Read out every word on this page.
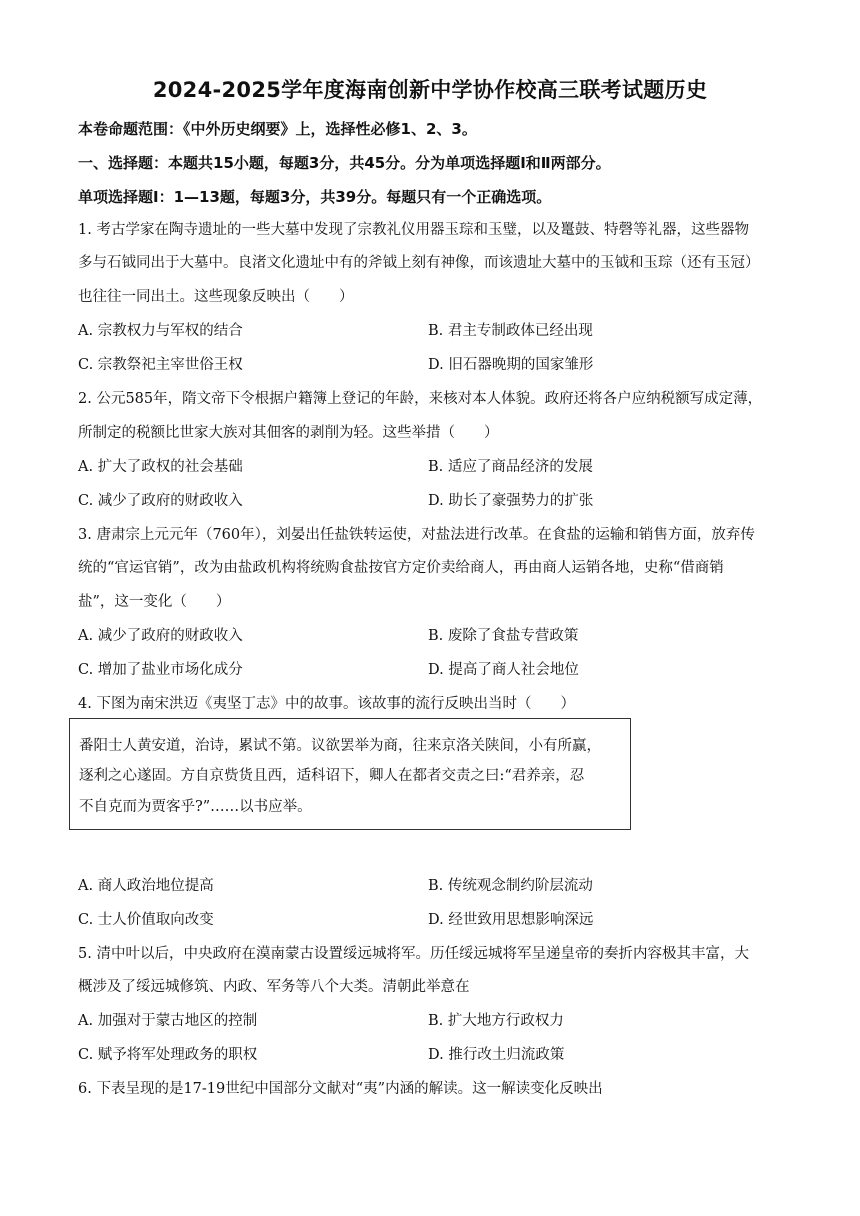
2024-2025学年度海南创新中学协作校高三联考试题历史
本卷命题范围：《中外历史纲要》上，选择性必修1、2、3。
一、选择题：本题共15小题，每题3分，共45分。分为单项选择题Ⅰ和Ⅱ两部分。
单项选择题Ⅰ：1—13题，每题3分，共39分。每题只有一个正确选项。
1. 考古学家在陶寺遗址的一些大墓中发现了宗教礼仪用器玉琮和玉璧，以及鼍鼓、特磬等礼器，这些器物
多与石钺同出于大墓中。良渚文化遗址中有的斧钺上刻有神像，而该遗址大墓中的玉钺和玉琮（还有玉冠）
也往往一同出土。这些现象反映出（　　）
A. 宗教权力与军权的结合	B. 君主专制政体已经出现
C. 宗教祭祀主宰世俗王权	D. 旧石器晚期的国家雏形
2. 公元585年，隋文帝下令根据户籍簿上登记的年龄，来核对本人体貌。政府还将各户应纳税额写成定薄，
所制定的税额比世家大族对其佃客的剥削为轻。这些举措（　　）
A. 扩大了政权的社会基础	B. 适应了商品经济的发展
C. 减少了政府的财政收入	D. 助长了豪强势力的扩张
3. 唐肃宗上元元年（760年），刘晏出任盐铁转运使，对盐法进行改革。在食盐的运输和销售方面，放弃传
统的“官运官销”，改为由盐政机构将统购食盐按官方定价卖给商人，再由商人运销各地，史称“借商销
盐”，这一变化（　　）
A. 减少了政府的财政收入	B. 废除了食盐专营政策
C. 增加了盐业市场化成分	D. 提高了商人社会地位
4. 下图为南宋洪迈《夷坚丁志》中的故事。该故事的流行反映出当时（　　）
番阳士人黄安道，治诗，累试不第。议欲罢举为商，往来京洛关陕间，小有所赢，
逐利之心遂固。方自京赀货且西，适科诏下，卿人在都者交责之曰:“君养亲，忍
不自克而为贾客乎?”……以书应举。
A. 商人政治地位提高	B. 传统观念制约阶层流动
C. 士人价值取向改变	D. 经世致用思想影响深远
5. 清中叶以后，中央政府在漠南蒙古设置绥远城将军。历任绥远城将军呈递皇帝的奏折内容极其丰富，大
概涉及了绥远城修筑、内政、军务等八个大类。清朝此举意在
A. 加强对于蒙古地区的控制	B. 扩大地方行政权力
C. 赋予将军处理政务的职权	D. 推行改土归流政策
6. 下表呈现的是17-19世纪中国部分文献对“夷”内涵的解读。这一解读变化反映出
